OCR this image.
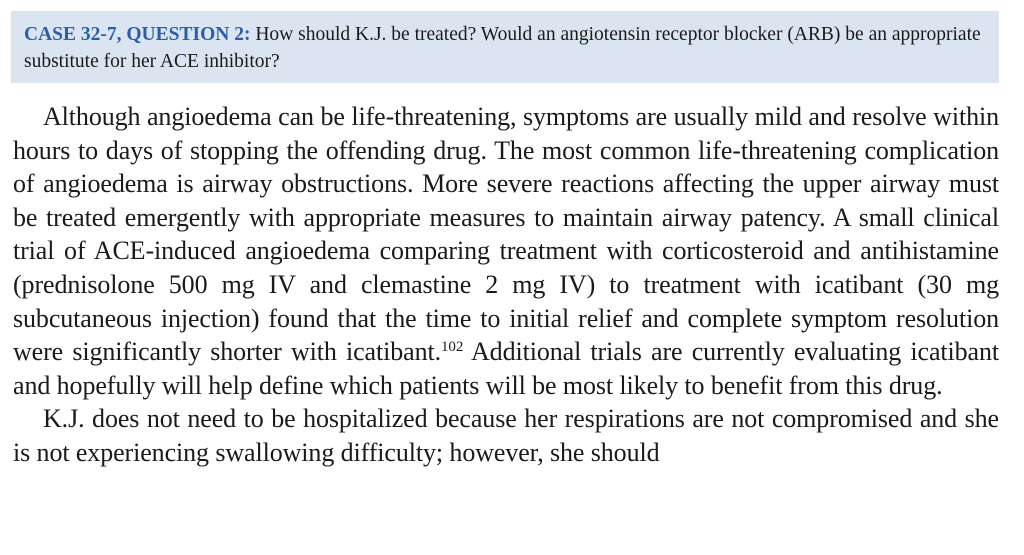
CASE 32-7, QUESTION 2: How should K.J. be treated? Would an angiotensin receptor blocker (ARB) be an appropriate substitute for her ACE inhibitor?

Although angioedema can be life-threatening, symptoms are usually mild and resolve within hours to days of stopping the offending drug. The most common life-threatening complication of angioedema is airway obstructions. More severe reactions affecting the upper airway must be treated emergently with appropriate measures to maintain airway patency. A small clinical trial of ACE-induced angioedema comparing treatment with corticosteroid and antihistamine (prednisolone 500 mg IV and clemastine 2 mg IV) to treatment with icatibant (30 mg subcutaneous injection) found that the time to initial relief and complete symptom resolution were significantly shorter with icatibant.$^{102}$ Additional trials are currently evaluating icatibant and hopefully will help define which patients will be most likely to benefit from this drug.

K.J. does not need to be hospitalized because her respirations are not compromised and she is not experiencing swallowing difficulty; however, she should
